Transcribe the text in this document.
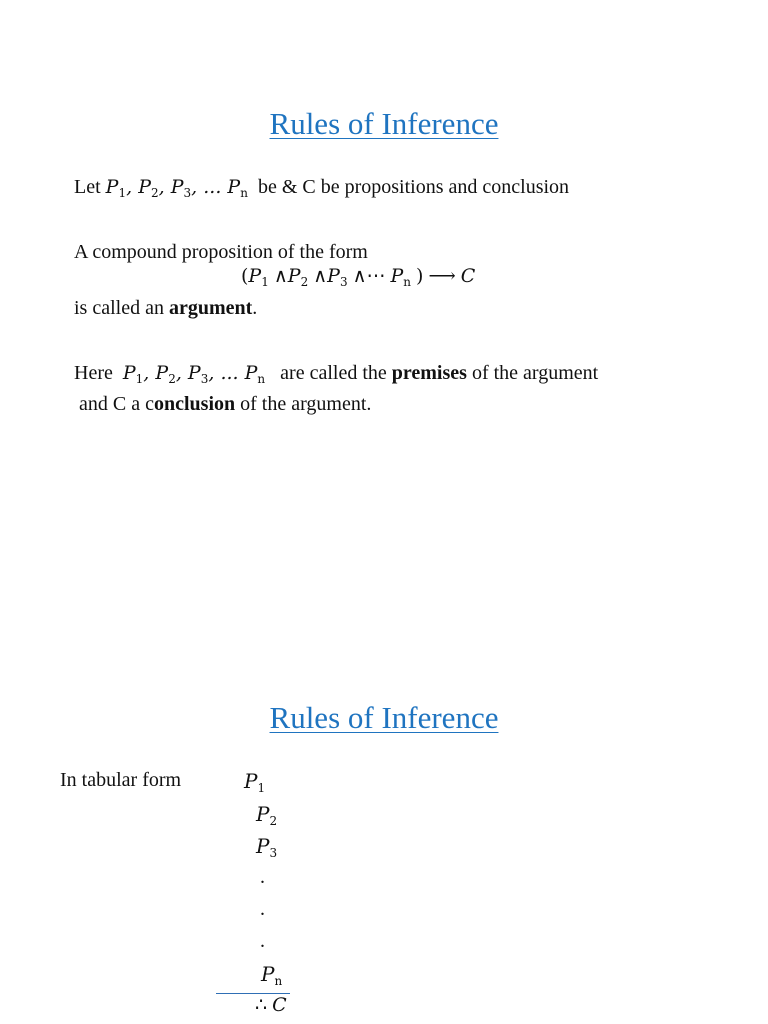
Rules of Inference
Let $P_1$, $P_2$, $P_3$, ... $P_n$ be & C be propositions and conclusion
A compound proposition of the form
($P_1$ $\wedge P_2$ $\wedge P_3$ ∧⋯ $P_n$ ) ⟶ C
is called an argument.
Here $P_1$, $P_2$, $P_3$, ... $P_n$ are called the premises of the argument
and C a conclusion of the argument.
Rules of Inference
In tabular form	$P_1$
$P_2$
$P_3$
.
.
.
$P_n$
∴ C
